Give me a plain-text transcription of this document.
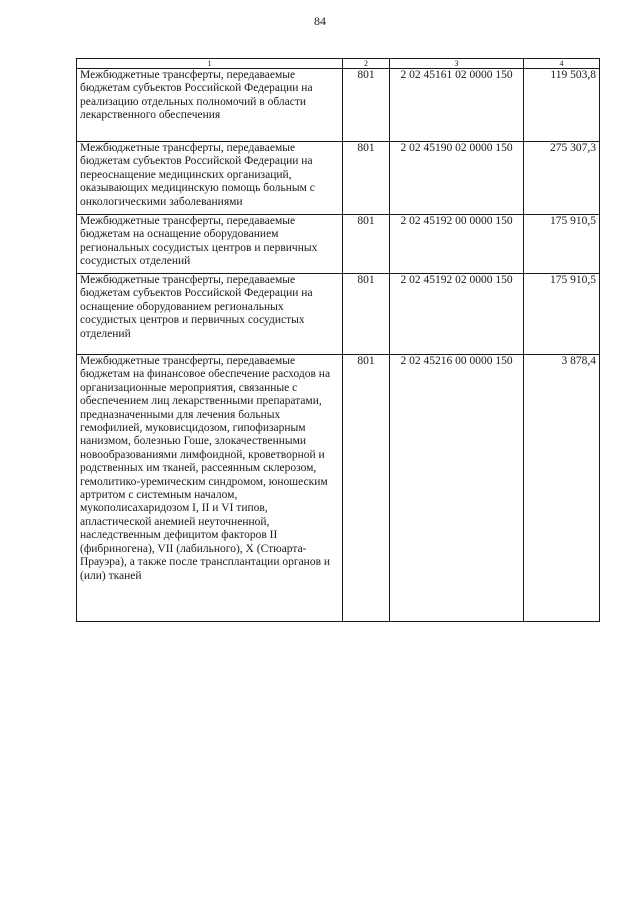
84
1	2	3	4
Межбюджетные трансферты, передаваемые бюджетам субъектов Российской Федерации на реализацию отдельных полномочий в области лекарственного обеспечения	801	2 02 45161 02 0000 150	119 503,8
Межбюджетные трансферты, передаваемые бюджетам субъектов Российской Федерации на переоснащение медицинских организаций, оказывающих медицинскую помощь больным с онкологическими заболеваниями	801	2 02 45190 02 0000 150	275 307,3
Межбюджетные трансферты, передаваемые бюджетам на оснащение оборудованием региональных сосудистых центров и первичных сосудистых отделений	801	2 02 45192 00 0000 150	175 910,5
Межбюджетные трансферты, передаваемые бюджетам субъектов Российской Федерации на оснащение оборудованием региональных сосудистых центров и первичных сосудистых отделений	801	2 02 45192 02 0000 150	175 910,5
Межбюджетные трансферты, передаваемые бюджетам на финансовое обеспечение расходов на организационные мероприятия, связанные с обеспечением лиц лекарственными препаратами, предназначенными для лечения больных гемофилией, муковисцидозом, гипофизарным нанизмом, болезнью Гоше, злокачественными новообразованиями лимфоидной, кроветворной и родственных им тканей, рассеянным склерозом, гемолитико-уремическим синдромом, юношеским артритом с системным началом, мукополисахаридозом I, II и VI типов, апластической анемией неуточненной, наследственным дефицитом факторов II (фибриногена), VII (лабильного), X (Стюарта-Прауэра), а также после трансплантации органов и (или) тканей	801	2 02 45216 00 0000 150	3 878,4
